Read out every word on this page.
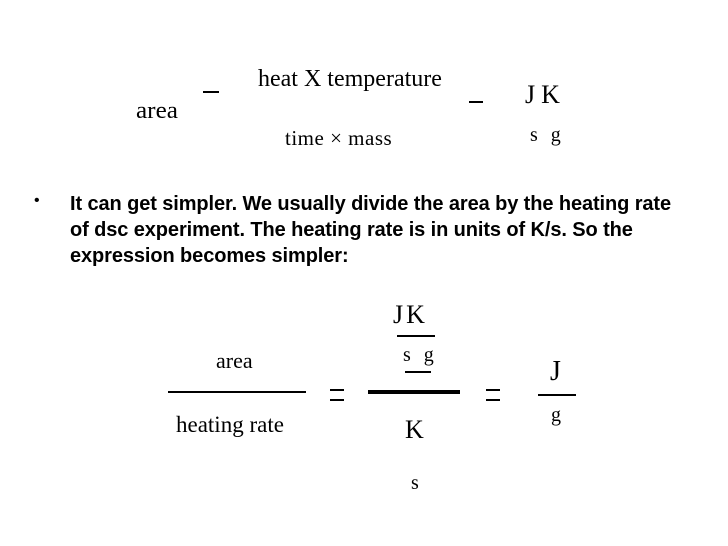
area
heat X temperature
time × mass
JK
s g
• It can get simpler. We usually divide the area by the heating rate of dsc experiment. The heating rate is in units of K/s. So the expression becomes simpler:
area
heating rate
JK
s g
K
s
J
g
